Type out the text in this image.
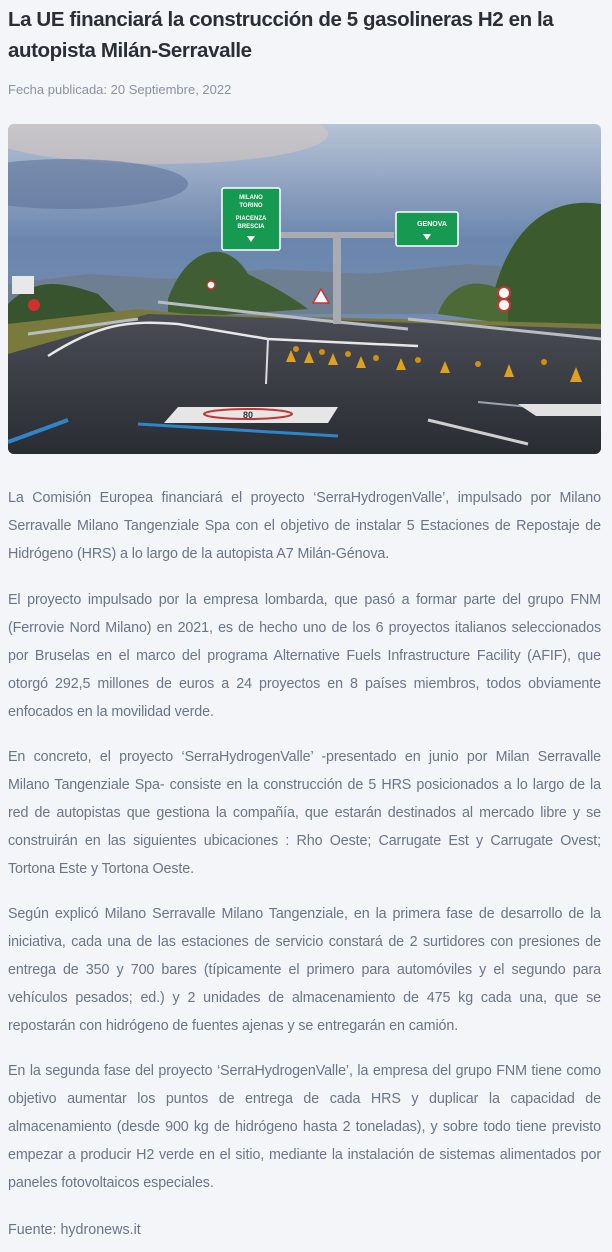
La UE financiará la construcción de 5 gasolineras H2 en la autopista Milán-Serravalle
Fecha publicada: 20 Septiembre, 2022
MILANO
TORINO
PIACENZA
BRESCIA	GENOVA
80

La Comisión Europea financiará el proyecto ‘SerraHydrogenValle’, impulsado por Milano Serravalle Milano Tangenziale Spa con el objetivo de instalar 5 Estaciones de Repostaje de Hidrógeno (HRS) a lo largo de la autopista A7 Milán-Génova.

El proyecto impulsado por la empresa lombarda, que pasó a formar parte del grupo FNM (Ferrovie Nord Milano) en 2021, es de hecho uno de los 6 proyectos italianos seleccionados por Bruselas en el marco del programa Alternative Fuels Infrastructure Facility (AFIF), que otorgó 292,5 millones de euros a 24 proyectos en 8 países miembros, todos obviamente enfocados en la movilidad verde.

En concreto, el proyecto ‘SerraHydrogenValle’ -presentado en junio por Milan Serravalle Milano Tangenziale Spa- consiste en la construcción de 5 HRS posicionados a lo largo de la red de autopistas que gestiona la compañía, que estarán destinados al mercado libre y se construirán en las siguientes ubicaciones : Rho Oeste; Carrugate Est y Carrugate Ovest; Tortona Este y Tortona Oeste.

Según explicó Milano Serravalle Milano Tangenziale, en la primera fase de desarrollo de la iniciativa, cada una de las estaciones de servicio constará de 2 surtidores con presiones de entrega de 350 y 700 bares (típicamente el primero para automóviles y el segundo para vehículos pesados; ed.) y 2 unidades de almacenamiento de 475 kg cada una, que se repostarán con hidrógeno de fuentes ajenas y se entregarán en camión.

En la segunda fase del proyecto ‘SerraHydrogenValle’, la empresa del grupo FNM tiene como objetivo aumentar los puntos de entrega de cada HRS y duplicar la capacidad de almacenamiento (desde 900 kg de hidrógeno hasta 2 toneladas), y sobre todo tiene previsto empezar a producir H2 verde en el sitio, mediante la instalación de sistemas alimentados por paneles fotovoltaicos especiales.

Fuente: hydronews.it
